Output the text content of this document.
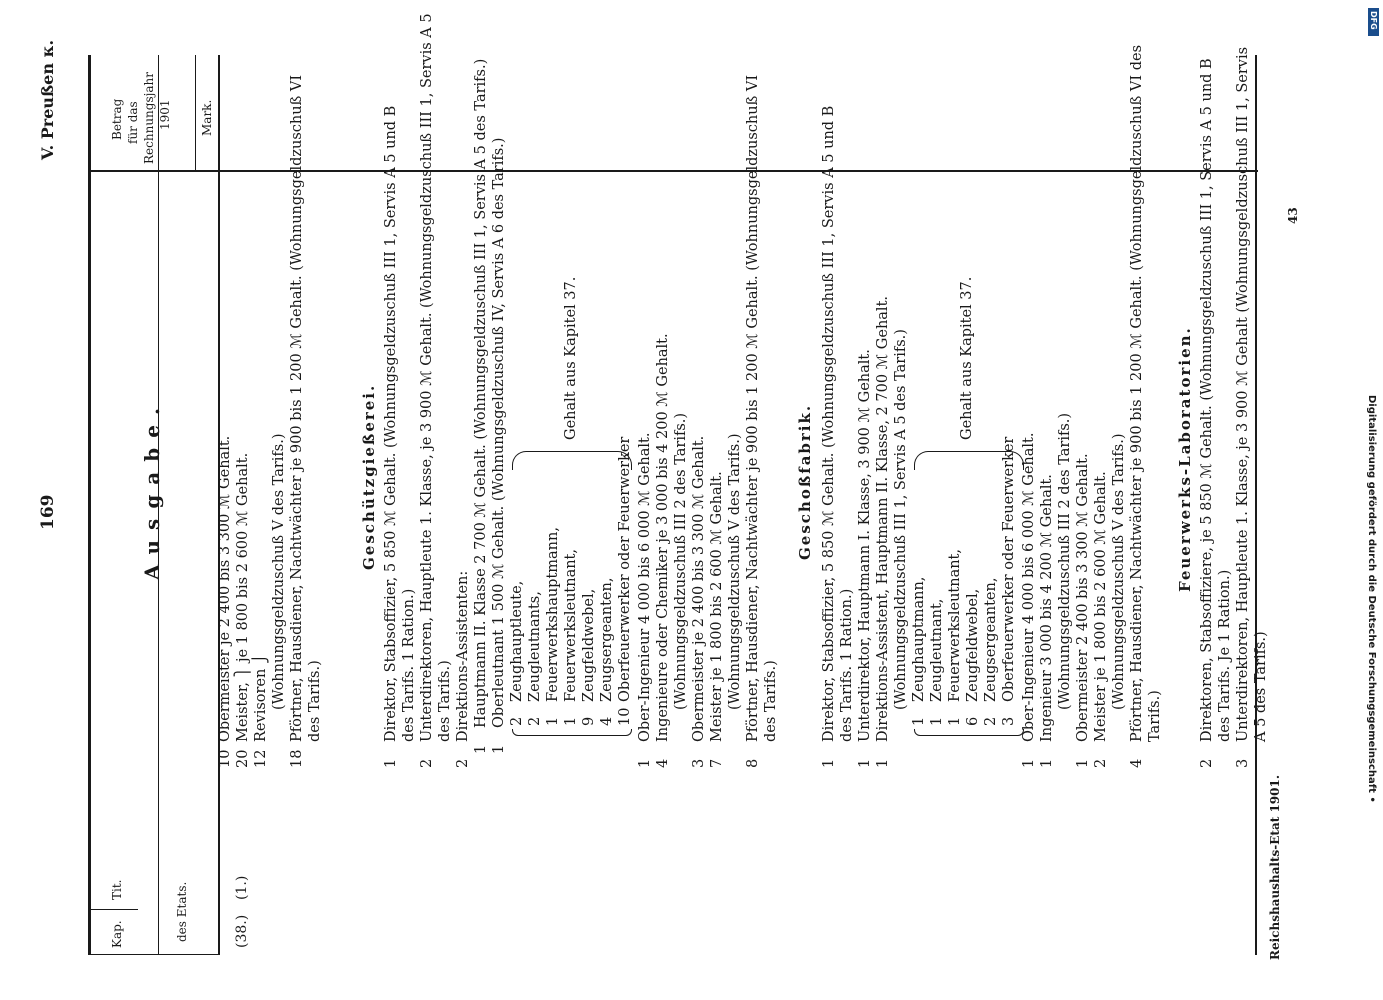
169
V. Preußen κ.
Kap.
Tit.	des Etats.
Ausgabe.
Betrag für das Rechnungsjahr 1901 Mark.
(38.)
(1.)
10
Obermeister je 2 400 bis 3 300 ℳ Gehalt.
20
Meister, ⎫ je 1 800 bis 2 600 ℳ Gehalt.
12
Revisoren ⎭ (Wohnungsgeldzuschuß V des Tarifs.)
18
Pförtner, Hausdiener, Nachtwächter je 900 bis 1 200 ℳ Gehalt. (Wohnungsgeldzuschuß VI des Tarifs.)
Geschützgießerei.
1
Direktor, Stabsoffizier, 5 850 ℳ Gehalt. (Wohnungsgeldzuschuß III 1, Servis A 5 und B des Tarifs. 1 Ration.)
2
Unterdirektoren, Hauptleute 1. Klasse, je 3 900 ℳ Gehalt. (Wohnungsgeldzuschuß III 1, Servis A 5 des Tarifs.)
2
Direktions-Assistenten:
1
Hauptmann II. Klasse 2 700 ℳ Gehalt. (Wohnungsgeldzuschuß III 1, Servis A 5 des Tarifs.)
1
Oberleutnant 1 500 ℳ Gehalt. (Wohnungsgeldzuschuß IV, Servis A 6 des Tarifs.) 2
Zeughauptleute,
2
Zeugleutnants,
1
Feuerwerkshauptmann,
1
Feuerwerksleutnant,
9
Zeugfeldwebel,
4
Zeugsergeanten,
10
Oberfeuerwerker oder Feuerwerker
Gehalt aus Kapitel 37.
1
Ober-Ingenieur 4 000 bis 6 000 ℳ Gehalt.
4
Ingenieure oder Chemiker je 3 000 bis 4 200 ℳ Gehalt. (Wohnungsgeldzuschuß III 2 des Tarifs.)
3
Obermeister je 2 400 bis 3 300 ℳ Gehalt.
7
Meister je 1 800 bis 2 600 ℳ Gehalt. (Wohnungsgeldzuschuß V des Tarifs.)
8
Pförtner, Hausdiener, Nachtwächter je 900 bis 1 200 ℳ Gehalt. (Wohnungsgeldzuschuß VI des Tarifs.)
Geschoßfabrik.
1
Direktor, Stabsoffizier, 5 850 ℳ Gehalt. (Wohnungsgeldzuschuß III 1, Servis A 5 und B des Tarifs. 1 Ration.)
1
Unterdirektor, Hauptmann I. Klasse, 3 900 ℳ Gehalt.
1
Direktions-Assistent, Hauptmann II. Klasse, 2 700 ℳ Gehalt. (Wohnungsgeldzuschuß III 1, Servis A 5 des Tarifs.)
1
Zeughauptmann,
1
Zeugleutnant,
1
Feuerwerksleutnant,
6
Zeugfeldwebel,
2
Zeugsergeanten,
3
Oberfeuerwerker oder Feuerwerker
Gehalt aus Kapitel 37.
1
Ober-Ingenieur 4 000 bis 6 000 ℳ Gehalt.
1
Ingenieur 3 000 bis 4 200 ℳ Gehalt. (Wohnungsgeldzuschuß III 2 des Tarifs.)
1
Obermeister 2 400 bis 3 300 ℳ Gehalt.
2
Meister je 1 800 bis 2 600 ℳ Gehalt. (Wohnungsgeldzuschuß V des Tarifs.)
4
Pförtner, Hausdiener, Nachtwächter je 900 bis 1 200 ℳ Gehalt. (Wohnungsgeldzuschuß VI des Tarifs.)
Feuerwerks-Laboratorien.
2
Direktoren, Stabsoffiziere, je 5 850 ℳ Gehalt. (Wohnungsgeldzuschuß III 1, Servis A 5 und B des Tarifs. Je 1 Ration.)
3
Unterdirektoren, Hauptleute 1. Klasse, je 3 900 ℳ Gehalt (Wohnungsgeldzuschuß III 1, Servis A 5 des Tarifs.)
Reichshaushalts-Etat 1901.
43
Digitalisierung gefördert durch die Deutsche Forschungsgemeinschaft •
DFG
